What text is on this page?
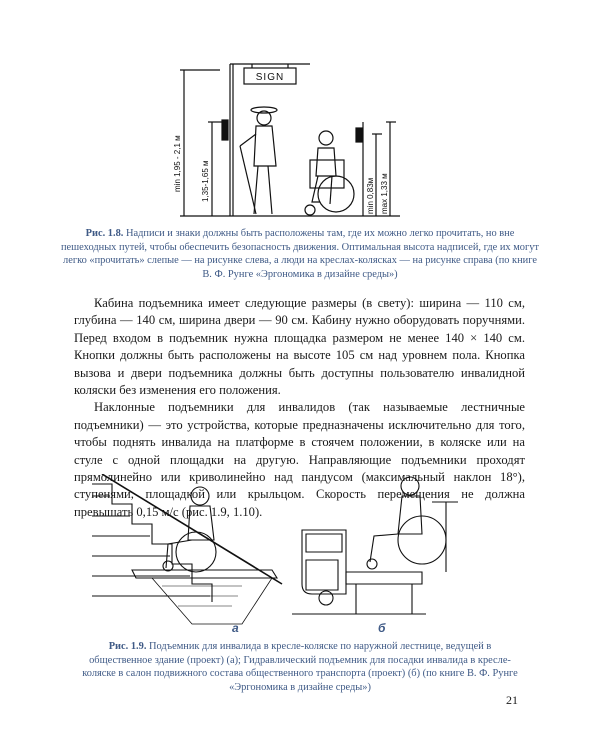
SIGN
min 1,95 - 2,1 м 1,35-1,65 м	min 0,83м max 1,33 м
Рис. 1.8. Надписи и знаки должны быть расположены там, где их можно легко прочитать, но вне пешеходных путей, чтобы обеспечить безопасность движения. Оптимальная высота надписей, где их могут легко «прочитать» слепые — на рисунке слева, а люди на креслах-колясках — на рисунке справа (по книге В. Ф. Рунге «Эргономика в дизайне среды»)

Кабина подъемника имеет следующие размеры (в свету): ширина — 110 см, глубина — 140 см, ширина двери — 90 см. Кабину нужно оборудовать поручнями. Перед входом в подъемник нужна площадка размером не менее 140 × 140 см. Кнопки должны быть расположены на высоте 105 см над уровнем пола. Кнопка вызова и двери подъемника должны быть доступны пользователю инвалидной коляски без изменения его положения.

Наклонные подъемники для инвалидов (так называемые лестничные подъемники) — это устройства, которые предназначены исключительно для того, чтобы поднять инвалида на платформе в стоячем положении, в коляске или на стуле с одной площадки на другую. Направляющие подъемники проходят прямолинейно или криволинейно над пандусом (максимальный наклон 18°), ступенями, площадкой или крыльцом. Скорость перемещения не должна превышать 0,15 м/с (рис. 1.9, 1.10).

а	б
Рис. 1.9. Подъемник для инвалида в кресле-коляске по наружной лестнице, ведущей в общественное здание (проект) (а); Гидравлический подъемник для посадки инвалида в кресле-коляске в салон подвижного состава общественного транспорта (проект) (б) (по книге В. Ф. Рунге «Эргономика в дизайне среды»)
21
